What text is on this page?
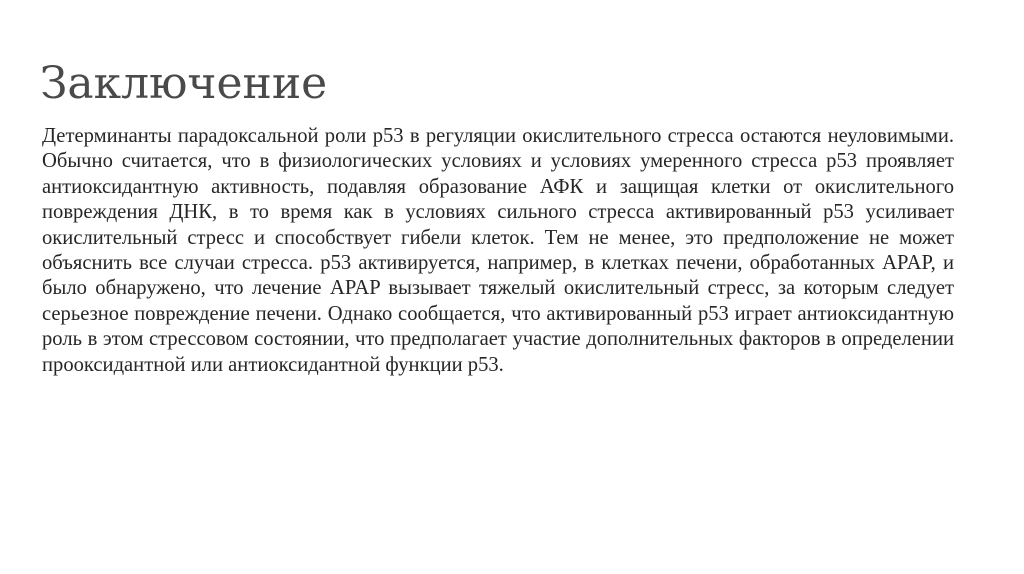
Заключение

Детерминанты парадоксальной роли p53 в регуляции окислительного стресса остаются неуловимыми. Обычно считается, что в физиологических условиях и условиях умеренного стресса p53 проявляет антиоксидантную активность, подавляя образование АФК и защищая клетки от окислительного повреждения ДНК, в то время как в условиях сильного стресса активированный p53 усиливает окислительный стресс и способствует гибели клеток. Тем не менее, это предположение не может объяснить все случаи стресса. p53 активируется, например, в клетках печени, обработанных APAP, и было обнаружено, что лечение APAP вызывает тяжелый окислительный стресс, за которым следует серьезное повреждение печени. Однако сообщается, что активированный p53 играет антиоксидантную роль в этом стрессовом состоянии, что предполагает участие дополнительных факторов в определении прооксидантной или антиоксидантной функции p53.
